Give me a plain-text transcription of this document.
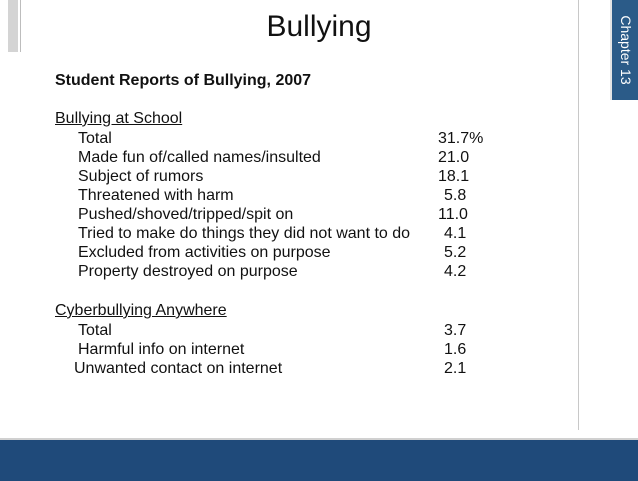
Chapter 13
Bullying
Student Reports of Bullying, 2007
Bullying at School
Total	31.7%
Made fun of/called names/insulted	21.0
Subject of rumors	18.1
Threatened with harm	5.8
Pushed/shoved/tripped/spit on	11.0
Tried to make do things they did not want to do 4.1
Excluded from activities on purpose	5.2
Property destroyed on purpose	4.2
Cyberbullying Anywhere
Total	3.7
Harmful info on internet	1.6
Unwanted contact on internet	2.1
